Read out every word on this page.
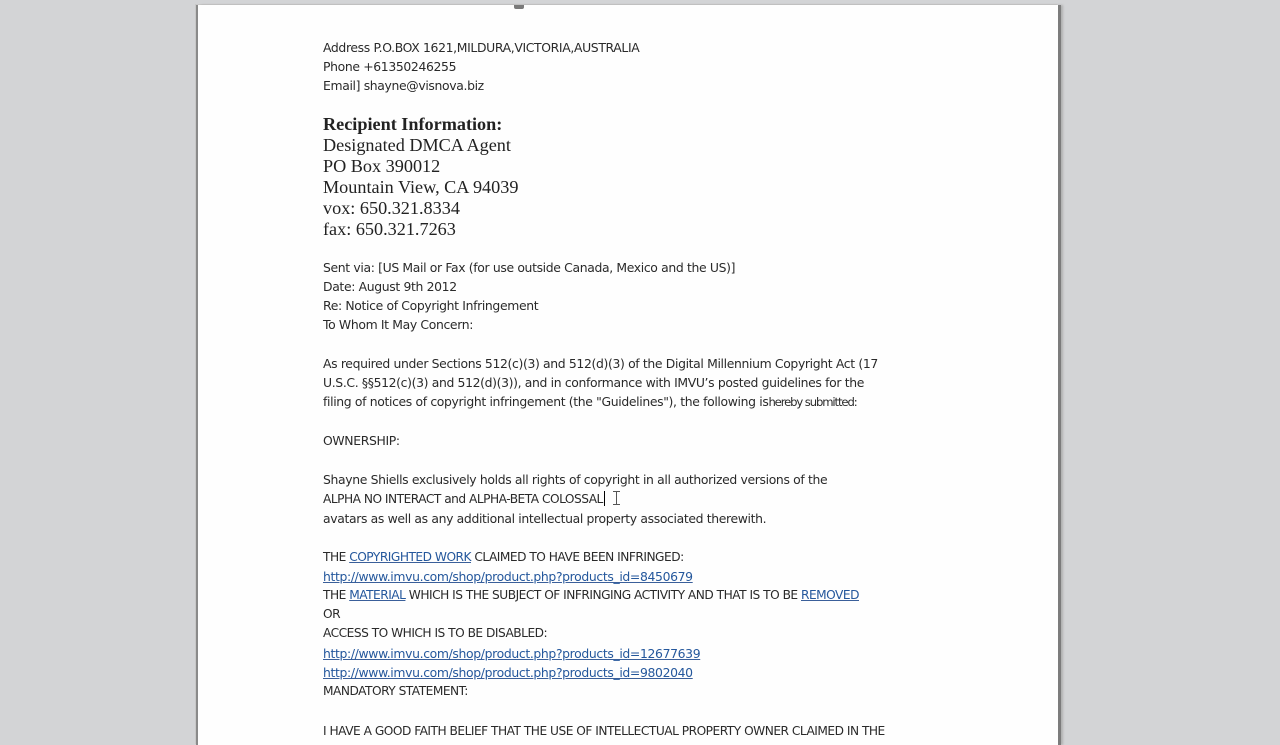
Address P.O.BOX 1621,MILDURA,VICTORIA,AUSTRALIA
Phone +61350246255
Email] shayne@visnova.biz
Recipient Information:
Designated DMCA Agent
PO Box 390012
Mountain View, CA 94039
vox: 650.321.8334
fax: 650.321.7263
Sent via: [US Mail or Fax (for use outside Canada, Mexico and the US)]
Date: August 9th 2012
Re: Notice of Copyright Infringement
To Whom It May Concern:
As required under Sections 512(c)(3) and 512(d)(3) of the Digital Millennium Copyright Act (17
U.S.C. §§512(c)(3) and 512(d)(3)), and in conformance with IMVU’s posted guidelines for the
filing of notices of copyright infringement (the "Guidelines"), the following ishereby submitted:
OWNERSHIP:
Shayne Shiells exclusively holds all rights of copyright in all authorized versions of the
ALPHA NO INTERACT and ALPHA-BETA COLOSSAL
avatars as well as any additional intellectual property associated therewith.
THE COPYRIGHTED WORK CLAIMED TO HAVE BEEN INFRINGED:
http://www.imvu.com/shop/product.php?products_id=8450679
THE MATERIAL WHICH IS THE SUBJECT OF INFRINGING ACTIVITY AND THAT IS TO BE REMOVED
OR
ACCESS TO WHICH IS TO BE DISABLED:
http://www.imvu.com/shop/product.php?products_id=12677639
http://www.imvu.com/shop/product.php?products_id=9802040
MANDATORY STATEMENT:
I HAVE A GOOD FAITH BELIEF THAT THE USE OF INTELLECTUAL PROPERTY OWNER CLAIMED IN THE
